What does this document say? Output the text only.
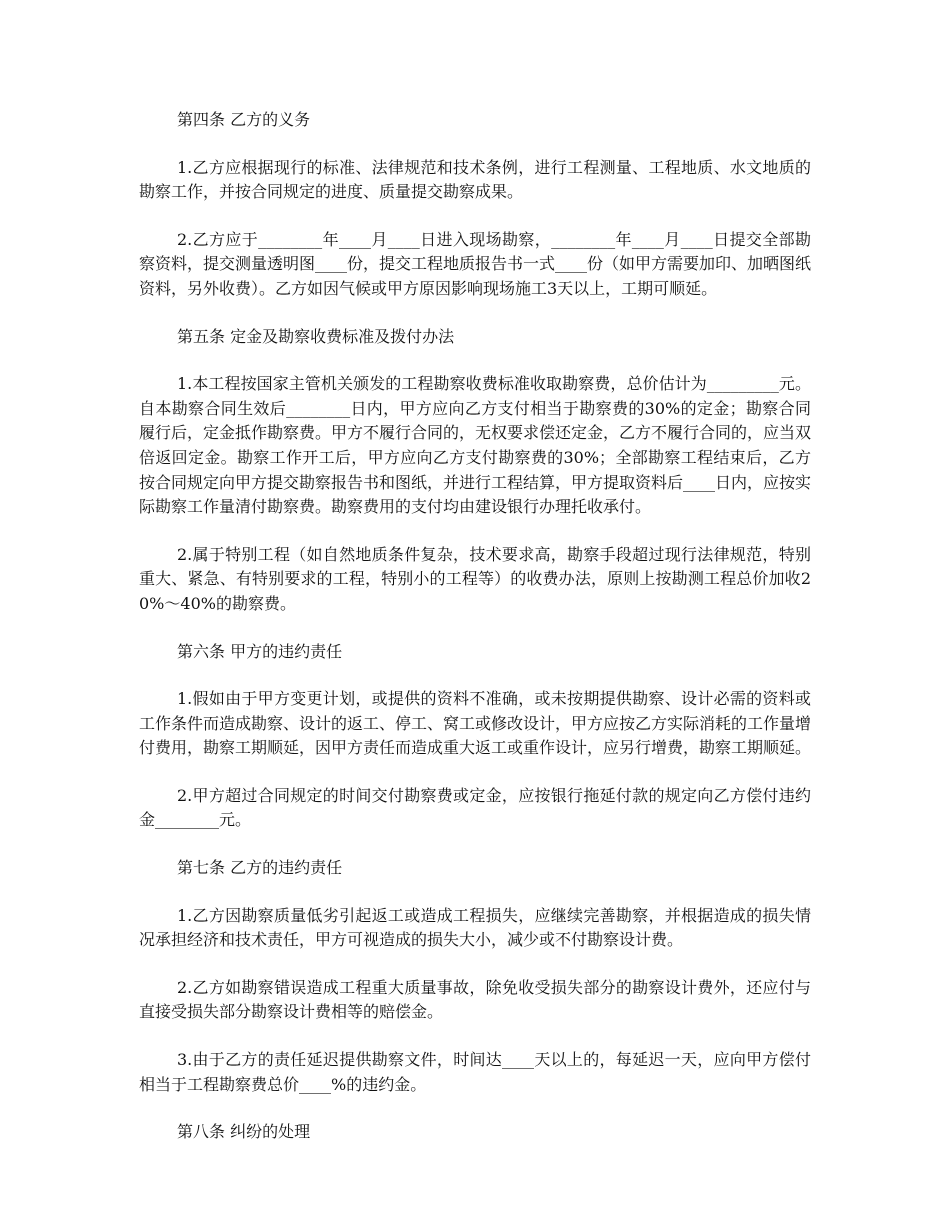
第四条 乙方的义务

1.乙方应根据现行的标准、法律规范和技术条例，进行工程测量、工程地质、水文地质的勘察工作，并按合同规定的进度、质量提交勘察成果。

2.乙方应于________年____月____日进入现场勘察，________年____月____日提交全部勘察资料，提交测量透明图____份，提交工程地质报告书一式____份（如甲方需要加印、加晒图纸资料，另外收费）。乙方如因气候或甲方原因影响现场施工3天以上，工期可顺延。

第五条 定金及勘察收费标准及拨付办法

1.本工程按国家主管机关颁发的工程勘察收费标准收取勘察费，总价估计为_________元。自本勘察合同生效后________日内，甲方应向乙方支付相当于勘察费的30%的定金；勘察合同履行后，定金抵作勘察费。甲方不履行合同的，无权要求偿还定金，乙方不履行合同的，应当双倍返回定金。勘察工作开工后，甲方应向乙方支付勘察费的30%；全部勘察工程结束后，乙方按合同规定向甲方提交勘察报告书和图纸，并进行工程结算，甲方提取资料后____日内，应按实际勘察工作量清付勘察费。勘察费用的支付均由建设银行办理托收承付。

2.属于特别工程（如自然地质条件复杂，技术要求高，勘察手段超过现行法律规范，特别重大、紧急、有特别要求的工程，特别小的工程等）的收费办法，原则上按勘测工程总价加收20%～40%的勘察费。

第六条 甲方的违约责任

1.假如由于甲方变更计划，或提供的资料不准确，或未按期提供勘察、设计必需的资料或工作条件而造成勘察、设计的返工、停工、窝工或修改设计，甲方应按乙方实际消耗的工作量增付费用，勘察工期顺延，因甲方责任而造成重大返工或重作设计，应另行增费，勘察工期顺延。

2.甲方超过合同规定的时间交付勘察费或定金，应按银行拖延付款的规定向乙方偿付违约金________元。

第七条 乙方的违约责任

1.乙方因勘察质量低劣引起返工或造成工程损失，应继续完善勘察，并根据造成的损失情况承担经济和技术责任，甲方可视造成的损失大小，减少或不付勘察设计费。

2.乙方如勘察错误造成工程重大质量事故，除免收受损失部分的勘察设计费外，还应付与直接受损失部分勘察设计费相等的赔偿金。

3.由于乙方的责任延迟提供勘察文件，时间达____天以上的，每延迟一天，应向甲方偿付相当于工程勘察费总价____%的违约金。

第八条 纠纷的处理
